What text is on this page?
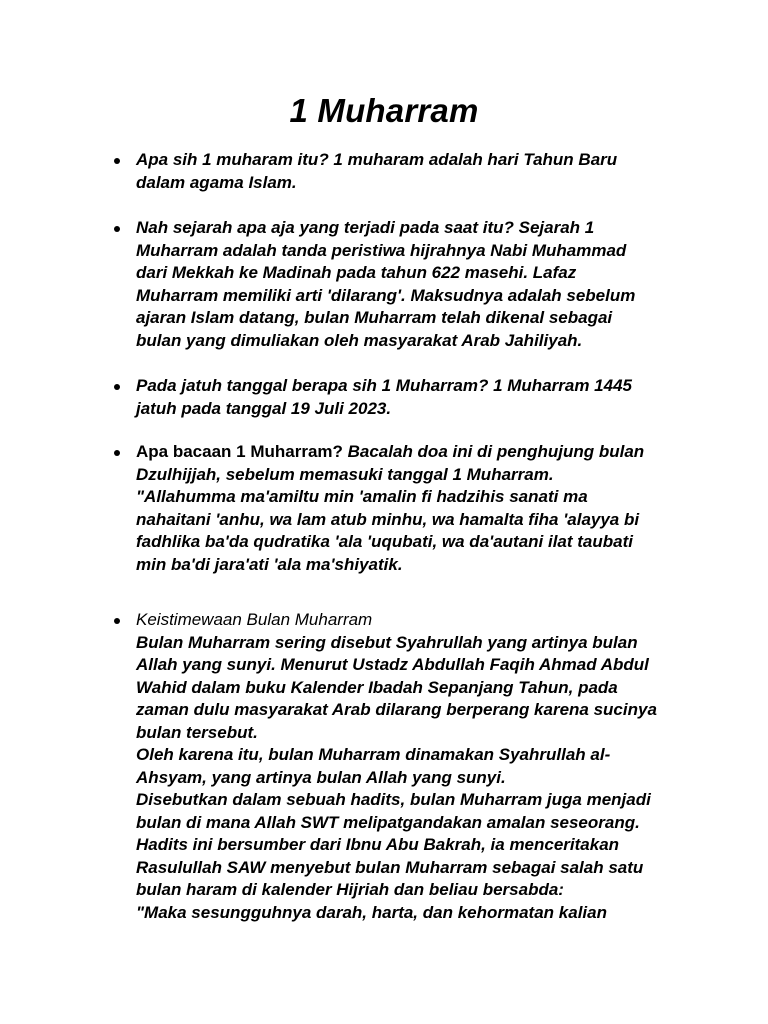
1 Muharram
Apa sih 1 muharam itu? 1 muharam adalah hari Tahun Baru
dalam agama Islam.
Nah sejarah apa aja yang terjadi pada saat itu? Sejarah 1
Muharram adalah tanda peristiwa hijrahnya Nabi Muhammad
dari Mekkah ke Madinah pada tahun 622 masehi. Lafaz
Muharram memiliki arti 'dilarang'. Maksudnya adalah sebelum
ajaran Islam datang, bulan Muharram telah dikenal sebagai
bulan yang dimuliakan oleh masyarakat Arab Jahiliyah.
Pada jatuh tanggal berapa sih 1 Muharram? 1 Muharram 1445
jatuh pada tanggal 19 Juli 2023.
Apa bacaan 1 Muharram? Bacalah doa ini di penghujung bulan
Dzulhijjah, sebelum memasuki tanggal 1 Muharram.
"Allahumma ma'amiltu min 'amalin fi hadzihis sanati ma
nahaitani 'anhu, wa lam atub minhu, wa hamalta fiha 'alayya bi
fadhlika ba'da qudratika 'ala 'uqubati, wa da'autani ilat taubati
min ba'di jara'ati 'ala ma'shiyatik.
Keistimewaan Bulan Muharram
Bulan Muharram sering disebut Syahrullah yang artinya bulan
Allah yang sunyi. Menurut Ustadz Abdullah Faqih Ahmad Abdul
Wahid dalam buku Kalender Ibadah Sepanjang Tahun, pada
zaman dulu masyarakat Arab dilarang berperang karena sucinya
bulan tersebut.
Oleh karena itu, bulan Muharram dinamakan Syahrullah al-
Ahsyam, yang artinya bulan Allah yang sunyi.
Disebutkan dalam sebuah hadits, bulan Muharram juga menjadi
bulan di mana Allah SWT melipatgandakan amalan seseorang.
Hadits ini bersumber dari Ibnu Abu Bakrah, ia menceritakan
Rasulullah SAW menyebut bulan Muharram sebagai salah satu
bulan haram di kalender Hijriah dan beliau bersabda:
"Maka sesungguhnya darah, harta, dan kehormatan kalian
